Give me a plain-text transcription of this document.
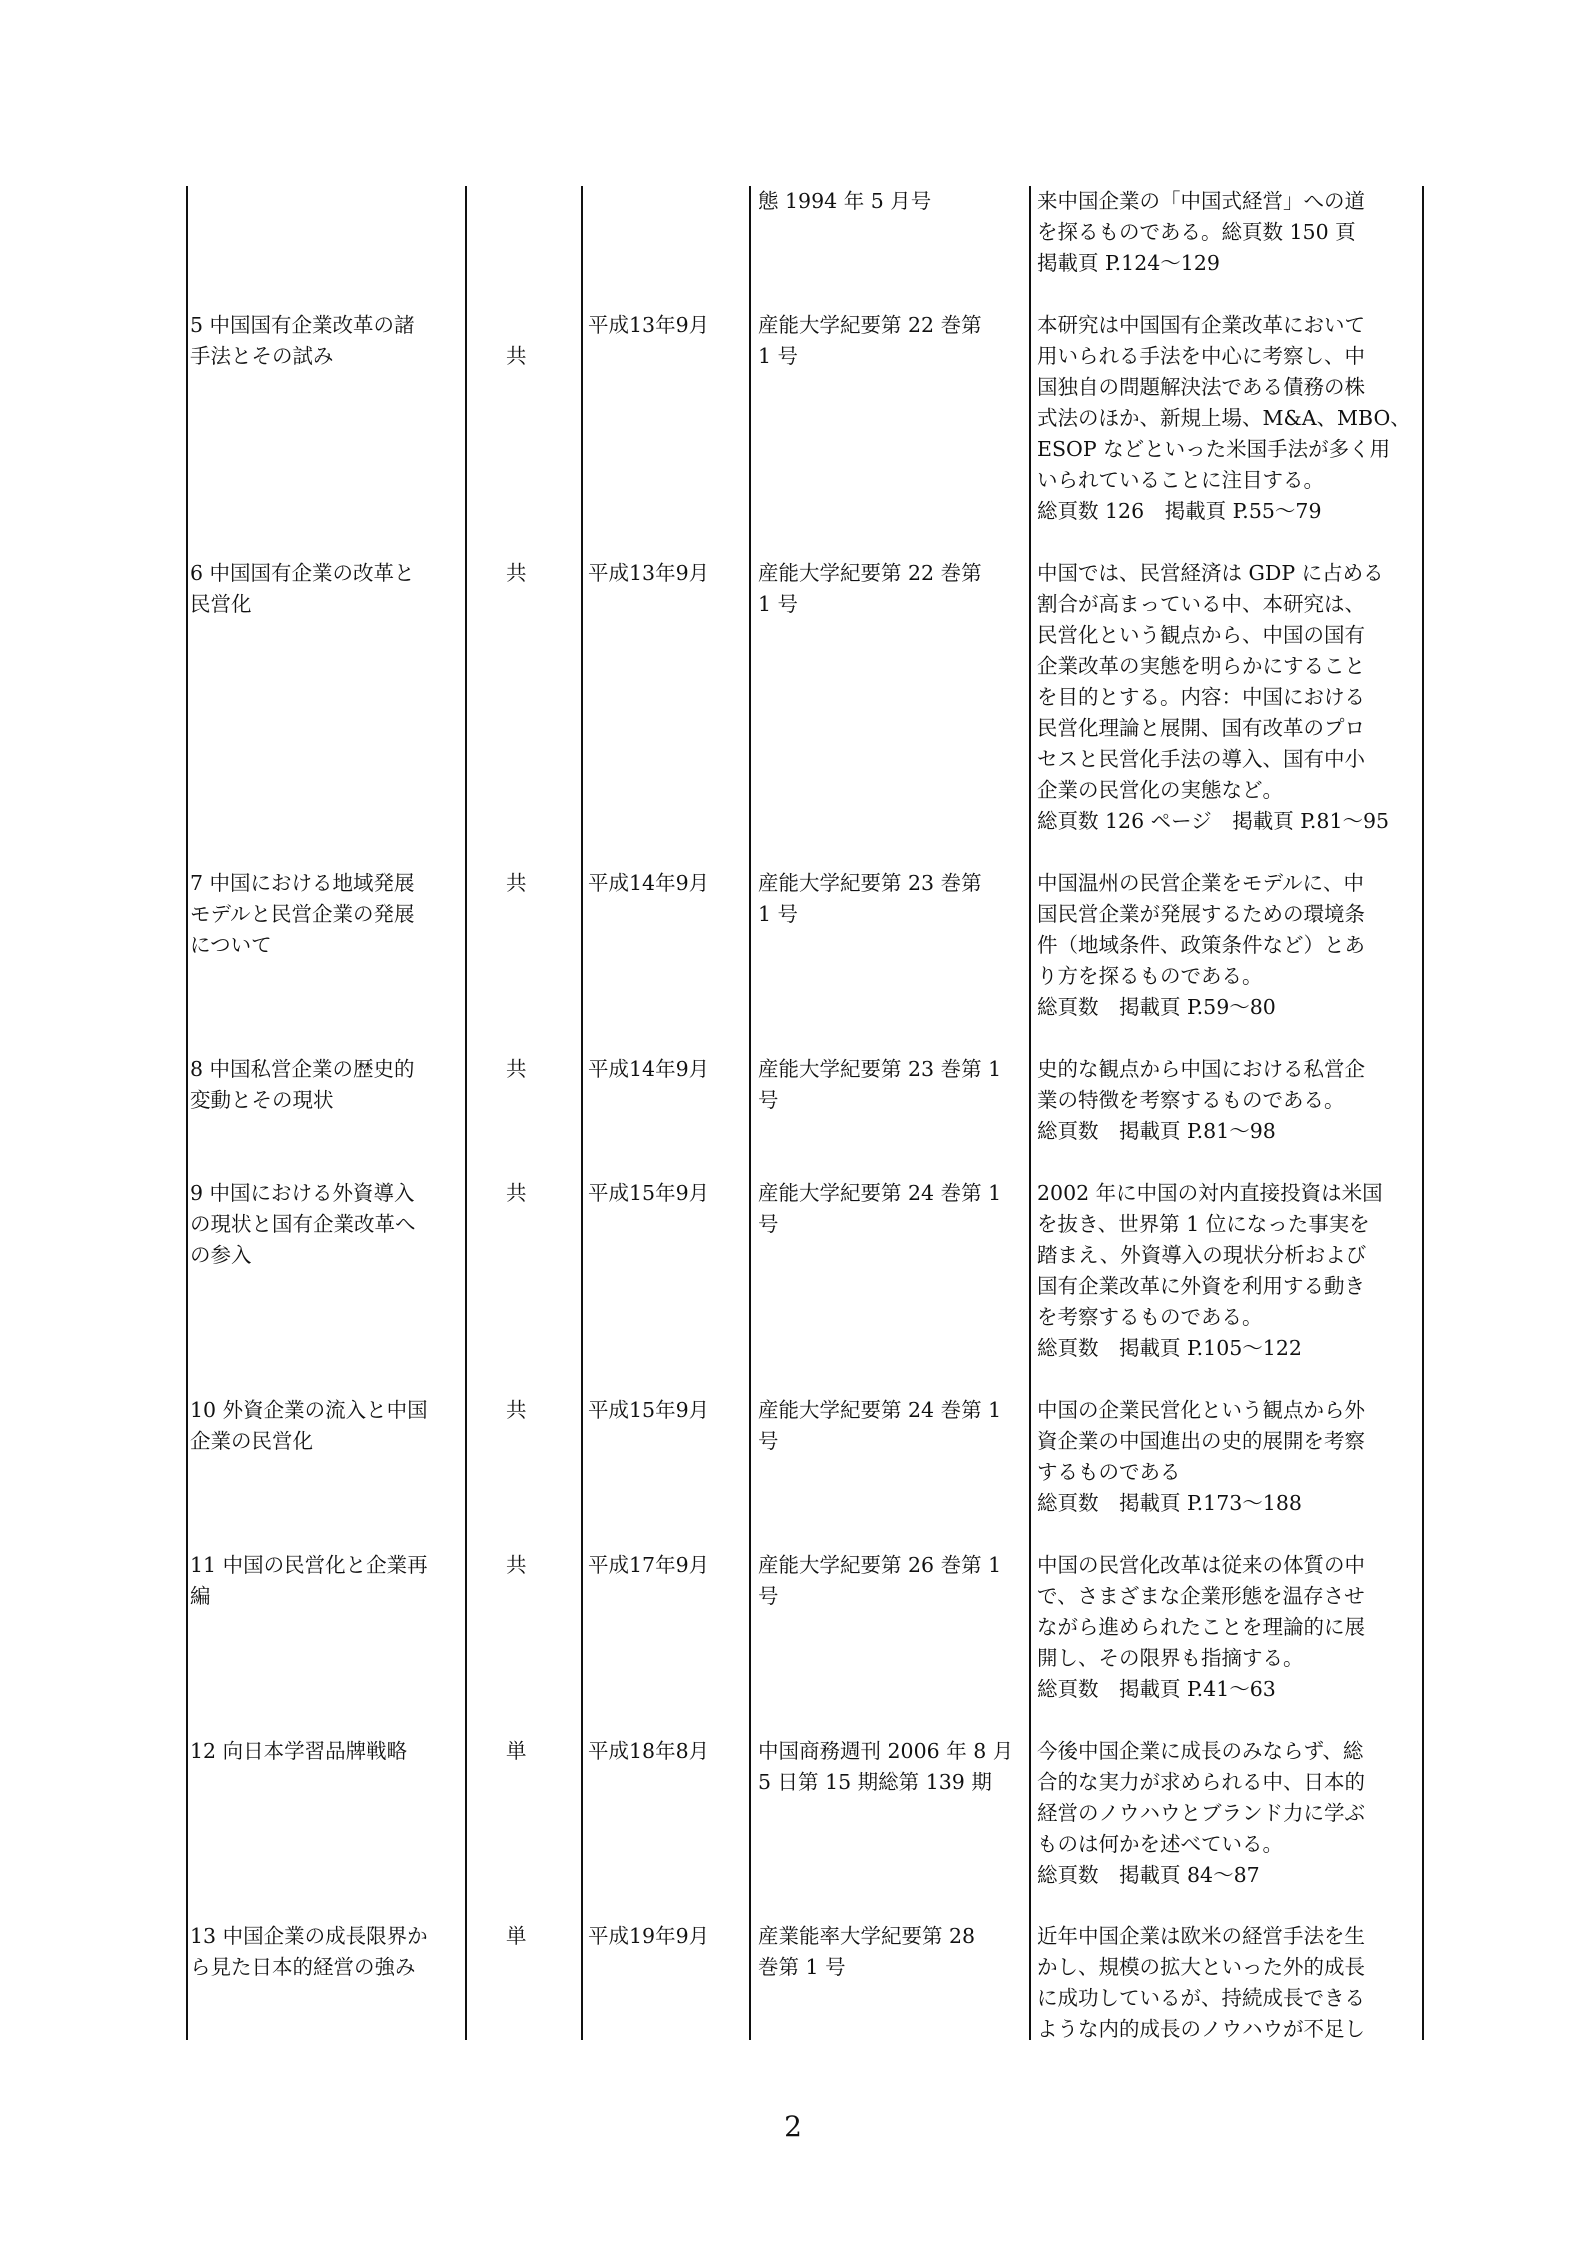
態 1994 年 5 月号	来中国企業の「中国式経営」への道
を探るものである。総頁数 150 頁
掲載頁 P.124～129
5 中国国有企業改革の諸
手法とその試み	
共
平成13年9月	産能大学紀要第 22 巻第
1 号
本研究は中国国有企業改革において
用いられる手法を中心に考察し、中
国独自の問題解決法である債務の株
式法のほか、新規上場、M&A、MBO、
ESOP などといった米国手法が多く用
いられていることに注目する。
総頁数 126　掲載頁 P.55～79
6 中国国有企業の改革と
民営化
共	平成13年9月	産能大学紀要第 22 巻第
1 号
中国では、民営経済は GDP に占める
割合が高まっている中、本研究は、
民営化という観点から、中国の国有
企業改革の実態を明らかにすること
を目的とする。内容：中国における
民営化理論と展開、国有改革のプロ
セスと民営化手法の導入、国有中小
企業の民営化の実態など。
総頁数 126 ページ　掲載頁 P.81～95
7 中国における地域発展
モデルと民営企業の発展
について
共	平成14年9月	産能大学紀要第 23 巻第
1 号
中国温州の民営企業をモデルに、中
国民営企業が発展するための環境条
件（地域条件、政策条件など）とあ
り方を探るものである。
総頁数　掲載頁 P.59～80
8 中国私営企業の歴史的
変動とその現状
共	平成14年9月	産能大学紀要第 23 巻第 1
号
史的な観点から中国における私営企
業の特徴を考察するものである。
総頁数　掲載頁 P.81～98
9 中国における外資導入
の現状と国有企業改革へ
の参入
共	平成15年9月	産能大学紀要第 24 巻第 1
号
2002 年に中国の対内直接投資は米国
を抜き、世界第 1 位になった事実を
踏まえ、外資導入の現状分析および
国有企業改革に外資を利用する動き
を考察するものである。
総頁数　掲載頁 P.105～122
10 外資企業の流入と中国
企業の民営化
共	平成15年9月	産能大学紀要第 24 巻第 1
号
中国の企業民営化という観点から外
資企業の中国進出の史的展開を考察
するものである
総頁数　掲載頁 P.173～188
11 中国の民営化と企業再
編
共	平成17年9月	産能大学紀要第 26 巻第 1
号
中国の民営化改革は従来の体質の中
で、さまざまな企業形態を温存させ
ながら進められたことを理論的に展
開し、その限界も指摘する。
総頁数　掲載頁 P.41～63
12 向日本学習品牌戦略	単	平成18年8月	中国商務週刊 2006 年 8 月
5 日第 15 期総第 139 期
今後中国企業に成長のみならず、総
合的な実力が求められる中、日本的
経営のノウハウとブランド力に学ぶ
ものは何かを述べている。
総頁数　掲載頁 84～87
13 中国企業の成長限界か
ら見た日本的経営の強み
単	平成19年9月	産業能率大学紀要第 28
巻第 1 号
近年中国企業は欧米の経営手法を生
かし、規模の拡大といった外的成長
に成功しているが、持続成長できる
ような内的成長のノウハウが不足し
2
